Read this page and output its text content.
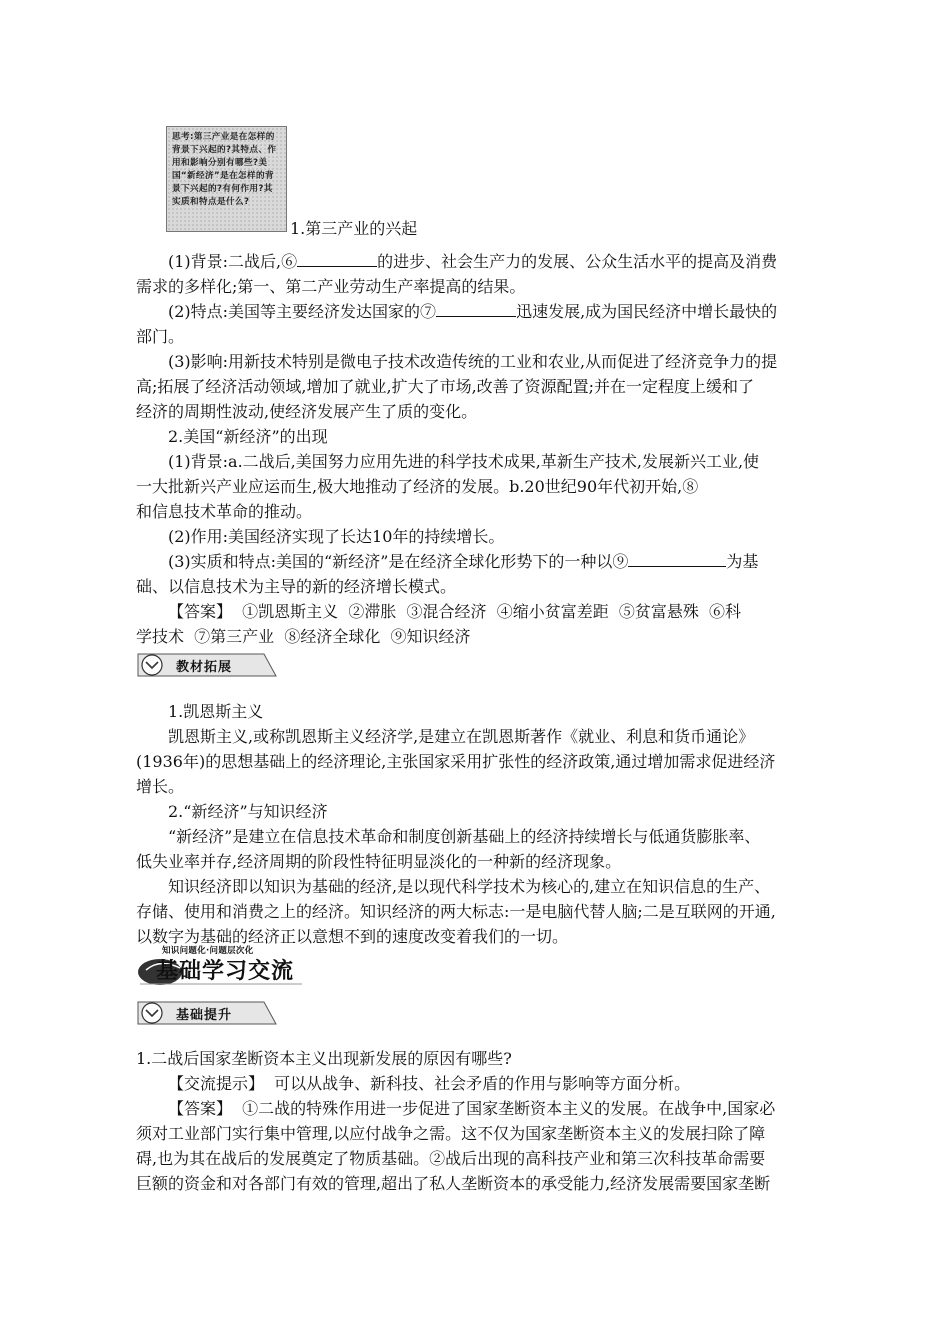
思考:第三产业是在怎样的背景下兴起的?其特点、作用和影响分别有哪些?美国“新经济”是在怎样的背景下兴起的?有何作用?其实质和特点是什么?
1.第三产业的兴起
(1)背景:二战后,⑥	的进步、社会生产力的发展、公众生活水平的提高及消费
需求的多样化;第一、第二产业劳动生产率提高的结果。
(2)特点:美国等主要经济发达国家的⑦	迅速发展,成为国民经济中增长最快的
部门。
(3)影响:用新技术特别是微电子技术改造传统的工业和农业,从而促进了经济竞争力的提
高;拓展了经济活动领域,增加了就业,扩大了市场,改善了资源配置;并在一定程度上缓和了
经济的周期性波动,使经济发展产生了质的变化。
2.美国“新经济”的出现
(1)背景:a.二战后,美国努力应用先进的科学技术成果,革新生产技术,发展新兴工业,使
一大批新兴产业应运而生,极大地推动了经济的发展。b.20世纪90年代初开始,⑧
和信息技术革命的推动。
(2)作用:美国经济实现了长达10年的持续增长。
(3)实质和特点:美国的“新经济”是在经济全球化形势下的一种以⑨	为基
础、以信息技术为主导的新的经济增长模式。
【答案】  ①凯恩斯主义  ②滞胀  ③混合经济  ④缩小贫富差距  ⑤贫富悬殊  ⑥科
学技术  ⑦第三产业  ⑧经济全球化  ⑨知识经济
教材拓展
1.凯恩斯主义
凯恩斯主义,或称凯恩斯主义经济学,是建立在凯恩斯著作《就业、利息和货币通论》
(1936年)的思想基础上的经济理论,主张国家采用扩张性的经济政策,通过增加需求促进经济
增长。
2.“新经济”与知识经济
“新经济”是建立在信息技术革命和制度创新基础上的经济持续增长与低通货膨胀率、
低失业率并存,经济周期的阶段性特征明显淡化的一种新的经济现象。
知识经济即以知识为基础的经济,是以现代科学技术为核心的,建立在知识信息的生产、
存储、使用和消费之上的经济。知识经济的两大标志:一是电脑代替人脑;二是互联网的开通,
以数字为基础的经济正以意想不到的速度改变着我们的一切。
知识问题化·问题层次化
基础学习交流
基础提升
1.二战后国家垄断资本主义出现新发展的原因有哪些?
【交流提示】  可以从战争、新科技、社会矛盾的作用与影响等方面分析。
【答案】  ①二战的特殊作用进一步促进了国家垄断资本主义的发展。在战争中,国家必
须对工业部门实行集中管理,以应付战争之需。这不仅为国家垄断资本主义的发展扫除了障
碍,也为其在战后的发展奠定了物质基础。②战后出现的高科技产业和第三次科技革命需要
巨额的资金和对各部门有效的管理,超出了私人垄断资本的承受能力,经济发展需要国家垄断
